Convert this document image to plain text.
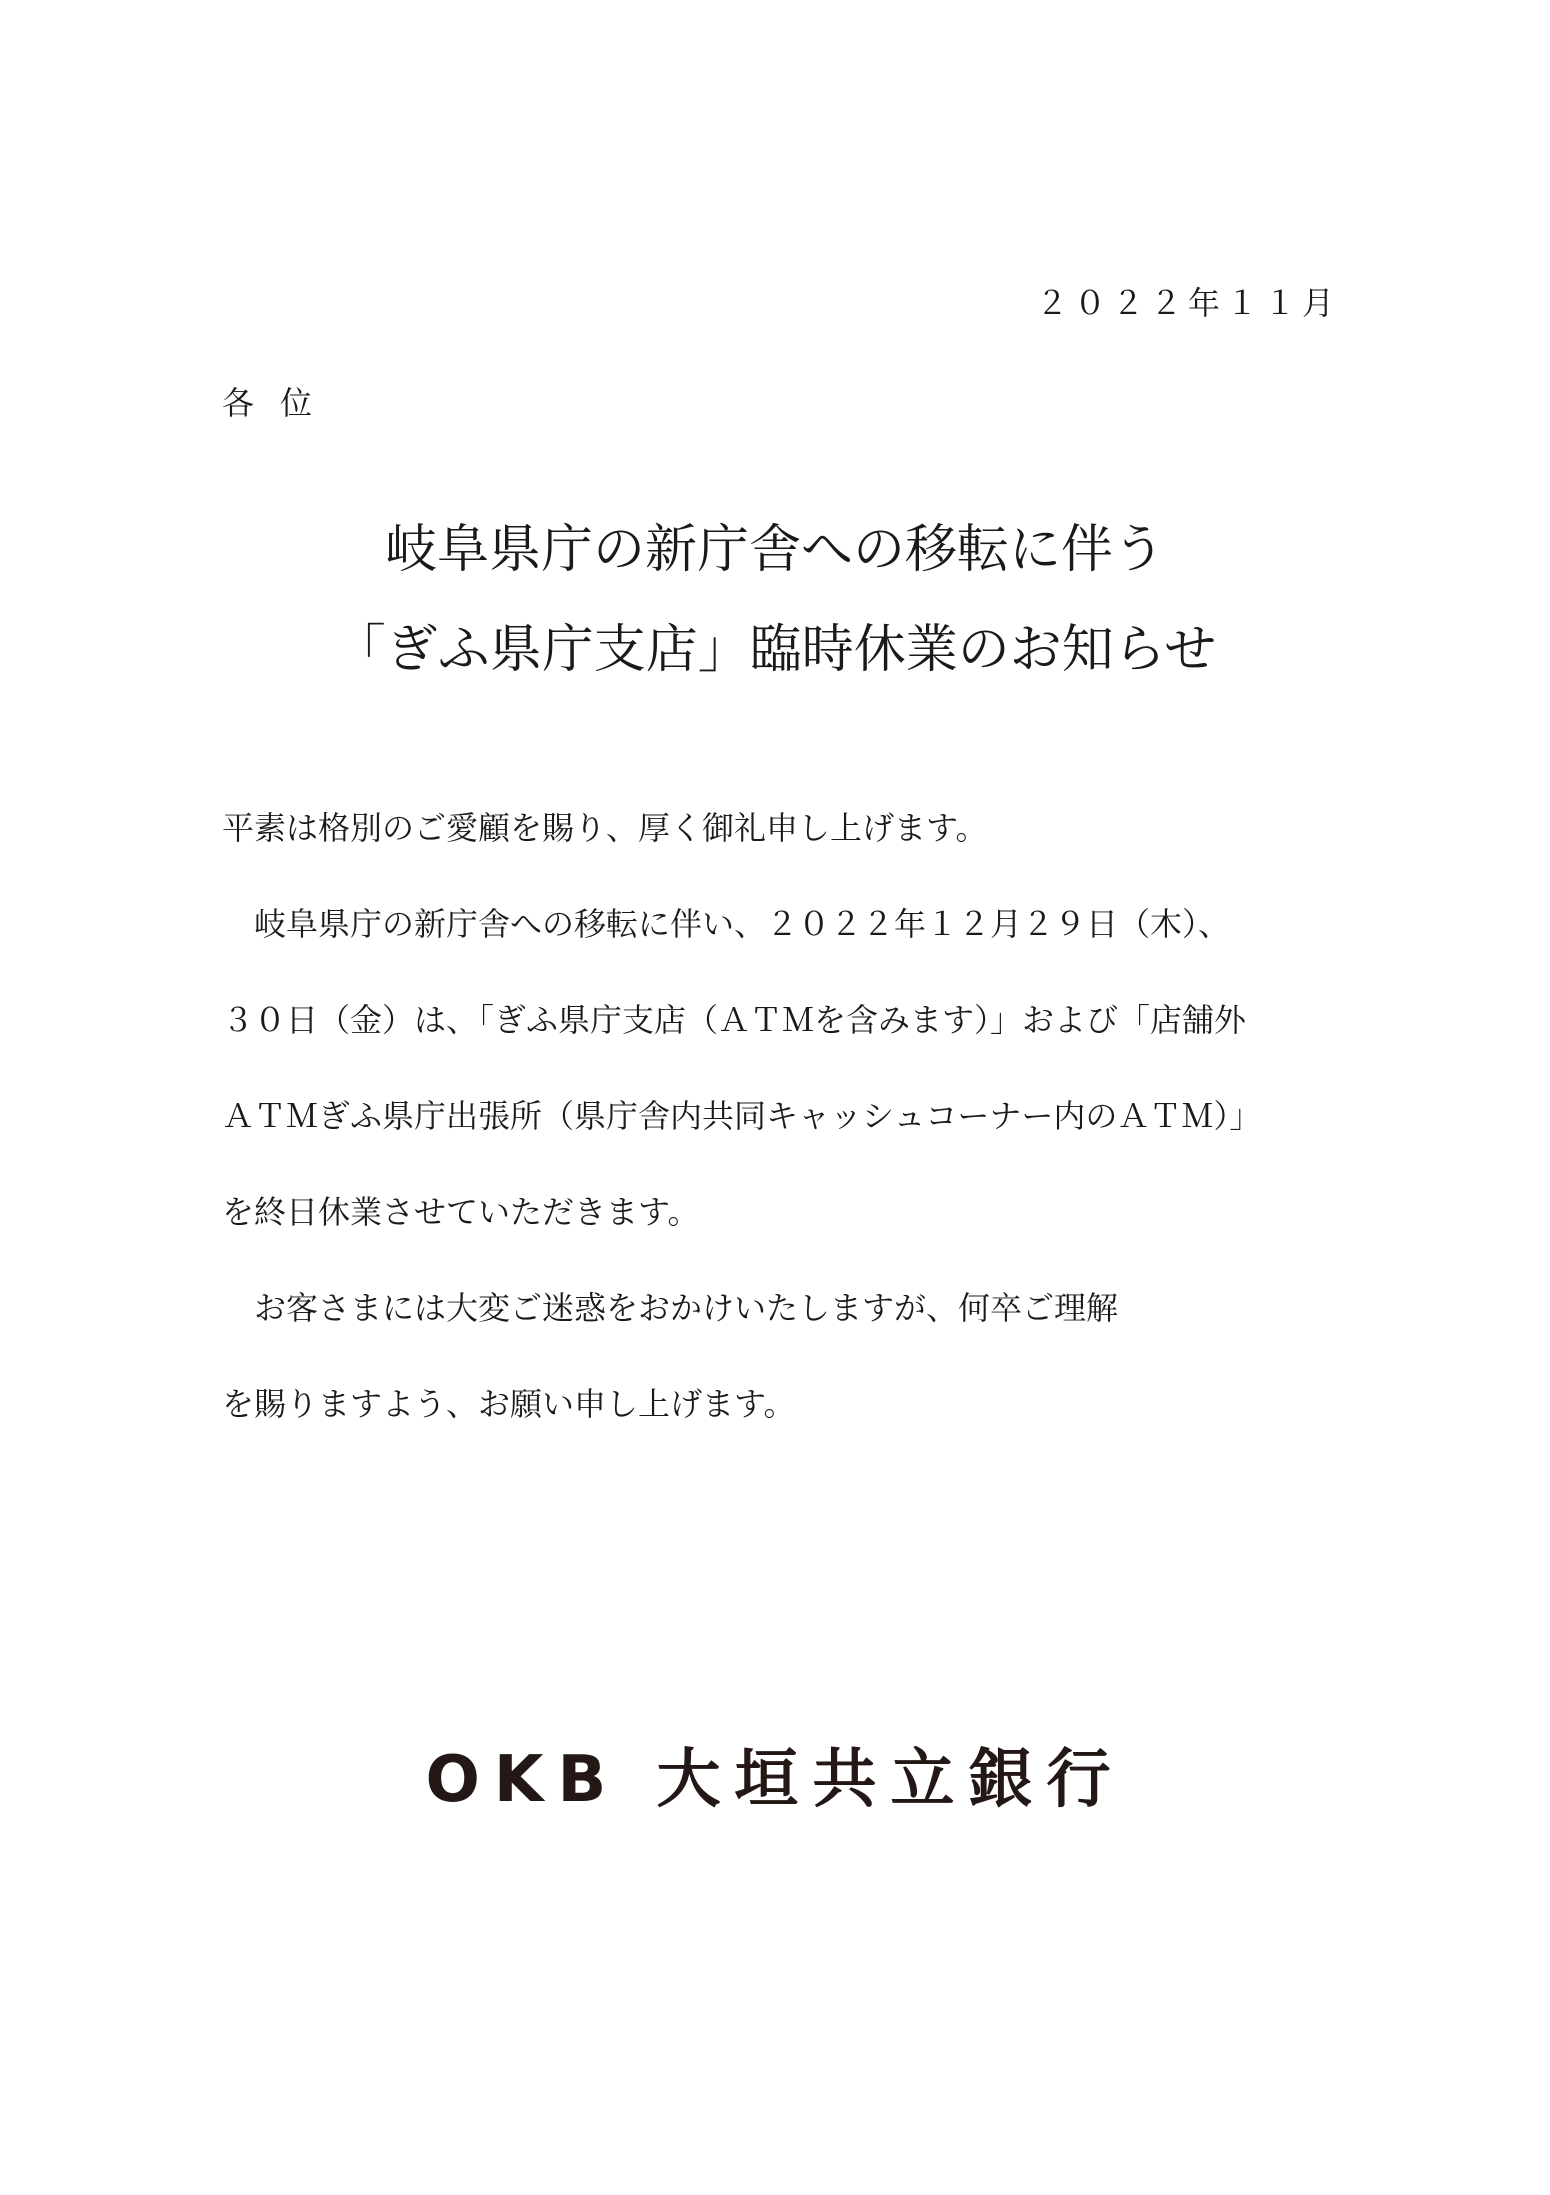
２０２２年１１月
各位
岐阜県庁の新庁舎への移転に伴う
「ぎふ県庁支店」臨時休業のお知らせ

平素は格別のご愛顧を賜り、厚く御礼申し上げます。

　岐阜県庁の新庁舎への移転に伴い、２０２２年１２月２９日（木）、

３０日（金）は、「ぎふ県庁支店（ＡＴＭを含みます）」および「店舗外

ＡＴＭぎふ県庁出張所（県庁舎内共同キャッシュコーナー内のＡＴＭ）」

を終日休業させていただきます。

　お客さまには大変ご迷惑をおかけいたしますが、何卒ご理解

を賜りますよう、お願い申し上げます。

OKB 大垣共立銀行
